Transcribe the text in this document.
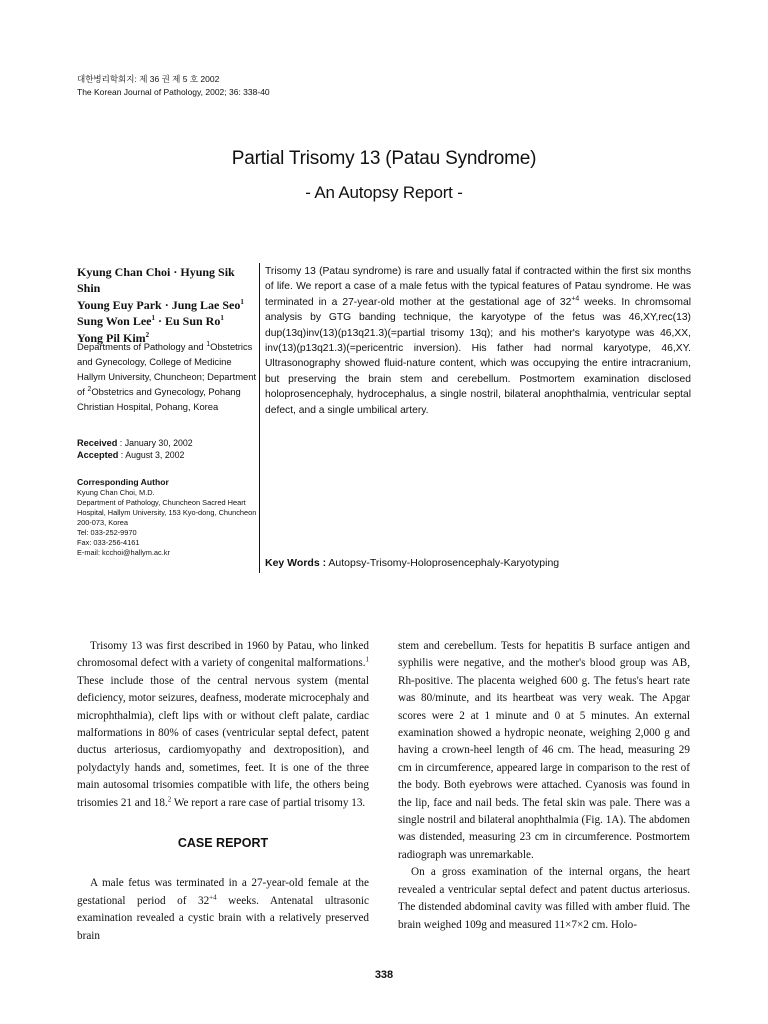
대한병리학회지: 제 36 권 제 5 호 2002
The Korean Journal of Pathology, 2002; 36: 338-40
Partial Trisomy 13 (Patau Syndrome)
- An Autopsy Report -
Kyung Chan Choi · Hyung Sik Shin
Young Euy Park · Jung Lae Seo$^1$
Sung Won Lee$^1$ · Eu Sun Ro$^1$
Yong Pil Kim$^2$
Departments of Pathology and $^1$Obstetrics and Gynecology, College of Medicine Hallym University, Chuncheon; Department of $^2$Obstetrics and Gynecology, Pohang Christian Hospital, Pohang, Korea
Received : January 30, 2002
Accepted : August 3, 2002
Corresponding Author
Kyung Chan Choi, M.D.
Department of Pathology, Chuncheon Sacred Heart Hospital, Hallym University, 153 Kyo-dong, Chuncheon 200-073, Korea
Tel: 033-252-9970
Fax: 033-256-4161
E-mail: kcchoi@hallym.ac.kr

Trisomy 13 (Patau syndrome) is rare and usually fatal if contracted within the first six months of life. We report a case of a male fetus with the typical features of Patau syndrome. He was terminated in a 27-year-old mother at the gestational age of $32^{+4}$ weeks. In chromsomal analysis by GTG banding technique, the karyotype of the fetus was 46,XY,rec(13) dup(13q)inv(13)(p13q21.3)(=partial trisomy 13q); and his mother's karyotype was 46,XX, inv(13)(p13q21.3)(=pericentric inversion). His father had normal karyotype, 46,XY. Ultrasonography showed fluid-nature content, which was occupying the entire intracranium, but preserving the brain stem and cerebellum. Postmortem examination disclosed holoprosencephaly, hydrocephalus, a single nostril, bilateral anophthalmia, ventricular septal defect, and a single umbilical artery.

Key Words : Autopsy-Trisomy-Holoprosencephaly-Karyotyping

Trisomy 13 was first described in 1960 by Patau, who linked chromosomal defect with a variety of congenital malformations.$^1$ These include those of the central nervous system (mental deficiency, motor seizures, deafness, moderate microcephaly and microphthalmia), cleft lips with or without cleft palate, cardiac malformations in 80% of cases (ventricular septal defect, patent ductus arteriosus, cardiomyopathy and dextroposition), and polydactyly hands and, sometimes, feet. It is one of the three main autosomal trisomies compatible with life, the others being trisomies 21 and 18.$^2$ We report a rare case of partial trisomy 13.

CASE REPORT

A male fetus was terminated in a 27-year-old female at the gestational period of $32^{+4}$ weeks. Antenatal ultrasonic examination revealed a cystic brain with a relatively preserved brain

stem and cerebellum. Tests for hepatitis B surface antigen and syphilis were negative, and the mother's blood group was AB, Rh-positive. The placenta weighed 600 g. The fetus's heart rate was 80/minute, and its heartbeat was very weak. The Apgar scores were 2 at 1 minute and 0 at 5 minutes. An external examination showed a hydropic neonate, weighing 2,000 g and having a crown-heel length of 46 cm. The head, measuring 29 cm in circumference, appeared large in comparison to the rest of the body. Both eyebrows were attached. Cyanosis was found in the lip, face and nail beds. The fetal skin was pale. There was a single nostril and bilateral anophthalmia (Fig. 1A). The abdomen was distended, measuring 23 cm in circumference. Postmortem radiograph was unremarkable.

On a gross examination of the internal organs, the heart revealed a ventricular septal defect and patent ductus arteriosus. The distended abdominal cavity was filled with amber fluid. The brain weighed 109g and measured 11×7×2 cm. Holo-

338
